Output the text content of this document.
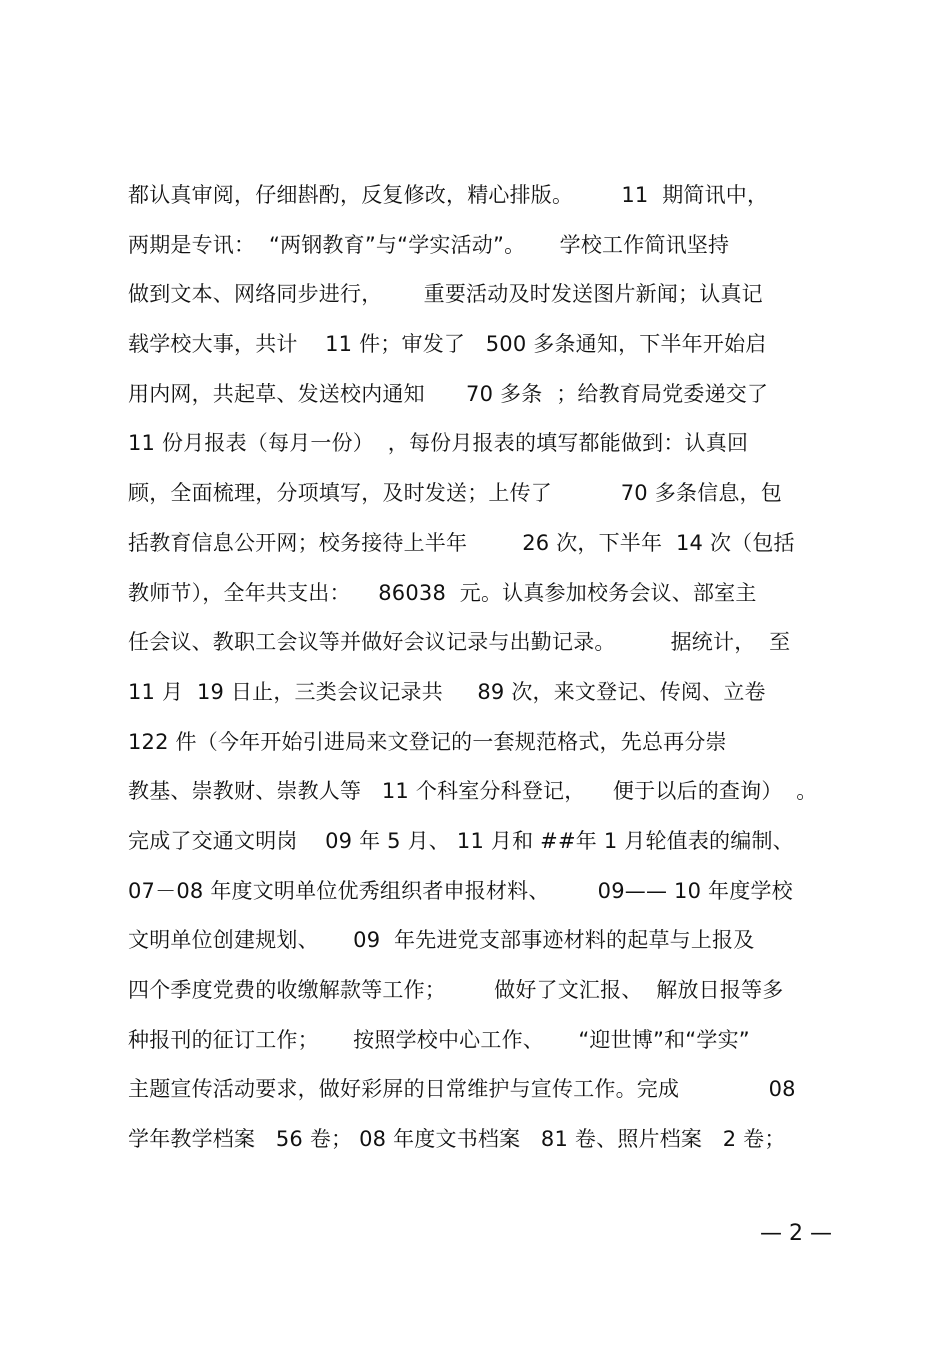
都认真审阅，仔细斟酌，反复修改，精心排版。       11  期简讯中，
两期是专讯：  “两钢教育”与“学实活动”。     学校工作简讯坚持
做到文本、网络同步进行，      重要活动及时发送图片新闻；认真记
载学校大事，共计    11 件；审发了   500 多条通知，下半年开始启
用内网，共起草、发送校内通知      70 多条  ；给教育局党委递交了
11 份月报表（每月一份）  ，每份月报表的填写都能做到：认真回
顾，全面梳理，分项填写，及时发送；上传了          70 多条信息，包
括教育信息公开网；校务接待上半年        26 次，下半年  14 次（包括
教师节），全年共支出：    86038  元。认真参加校务会议、部室主
任会议、教职工会议等并做好会议记录与出勤记录。        据统计，  至
11 月  19 日止，三类会议记录共     89 次，来文登记、传阅、立卷
122 件（今年开始引进局来文登记的一套规范格式，先总再分崇
教基、崇教财、崇教人等   11 个科室分科登记，    便于以后的查询）  。
完成了交通文明岗    09 年 5 月、 11 月和 ##年 1 月轮值表的编制、
07－08 年度文明单位优秀组织者申报材料、       09—— 10 年度学校
文明单位创建规划、     09  年先进党支部事迹材料的起草与上报及
四个季度党费的收缴解款等工作；       做好了文汇报、  解放日报等多
种报刊的征订工作；     按照学校中心工作、     “迎世博”和“学实”
主题宣传活动要求，做好彩屏的日常维护与宣传工作。完成             08
学年教学档案   56 卷； 08 年度文书档案   81 卷、照片档案   2 卷；
— 2 —
